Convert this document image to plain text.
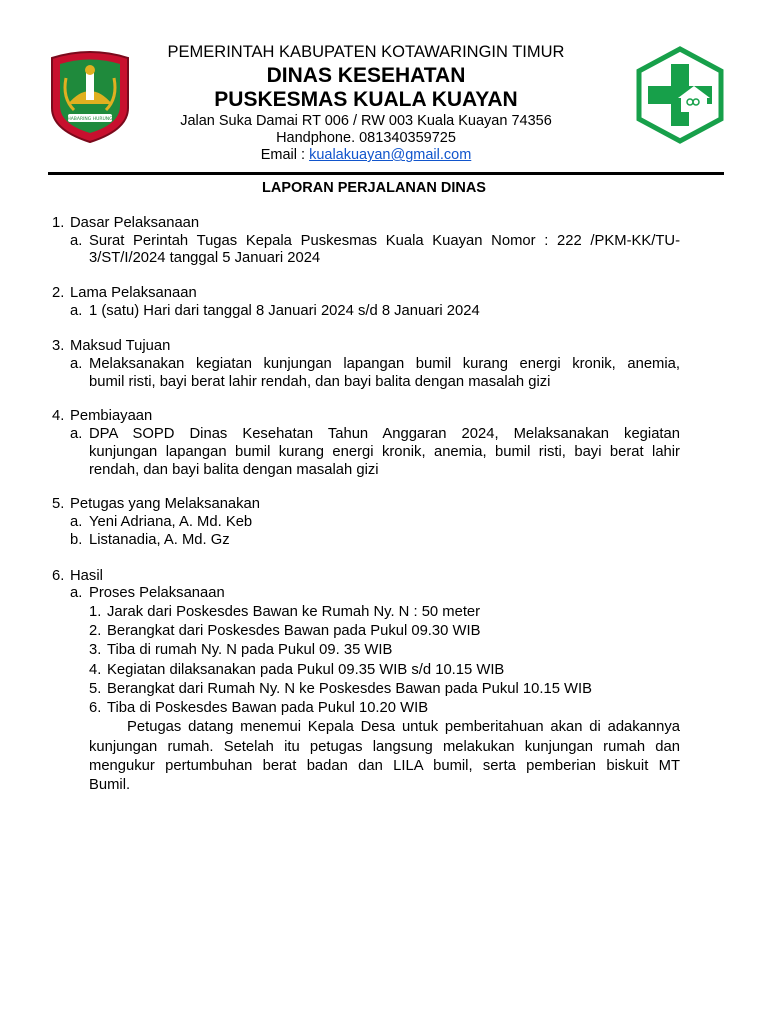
HABARING HURUNG
PEMERINTAH KABUPATEN KOTAWARINGIN TIMUR
DINAS KESEHATAN
PUSKESMAS KUALA KUAYAN
Jalan Suka Damai RT 006 / RW 003 Kuala Kuayan 74356
Handphone. 081340359725
Email : kualakuayan@gmail.com
LAPORAN PERJALANAN DINAS
1. Dasar Pelaksanaan
a. Surat Perintah Tugas Kepala Puskesmas Kuala Kuayan Nomor : 222 /PKM-KK/TU-
3/ST/I/2024 tanggal 5 Januari 2024
2. Lama Pelaksanaan
a. 1 (satu) Hari dari tanggal 8 Januari 2024 s/d 8 Januari 2024
3. Maksud Tujuan
a. Melaksanakan kegiatan kunjungan lapangan bumil kurang energi kronik, anemia,
bumil risti, bayi berat lahir rendah, dan bayi balita dengan masalah gizi
4. Pembiayaan
a. DPA SOPD Dinas Kesehatan Tahun Anggaran 2024, Melaksanakan kegiatan
kunjungan lapangan bumil kurang energi kronik, anemia, bumil risti, bayi berat lahir
rendah, dan bayi balita dengan masalah gizi
5. Petugas yang Melaksanakan
a. Yeni Adriana, A. Md. Keb
b. Listanadia, A. Md. Gz
6. Hasil
a. Proses Pelaksanaan
1. Jarak dari Poskesdes Bawan ke Rumah Ny. N : 50 meter
2. Berangkat dari Poskesdes Bawan pada Pukul 09.30 WIB
3. Tiba di rumah Ny. N pada Pukul 09. 35 WIB
4. Kegiatan dilaksanakan pada Pukul 09.35 WIB s/d 10.15 WIB
5. Berangkat dari Rumah Ny. N ke Poskesdes Bawan pada Pukul 10.15 WIB
6. Tiba di Poskesdes Bawan pada Pukul 10.20 WIB
Petugas datang menemui Kepala Desa untuk pemberitahuan akan di adakannya
kunjungan rumah. Setelah itu petugas langsung melakukan kunjungan rumah dan
mengukur pertumbuhan berat badan dan LILA bumil, serta pemberian biskuit MT
Bumil.
